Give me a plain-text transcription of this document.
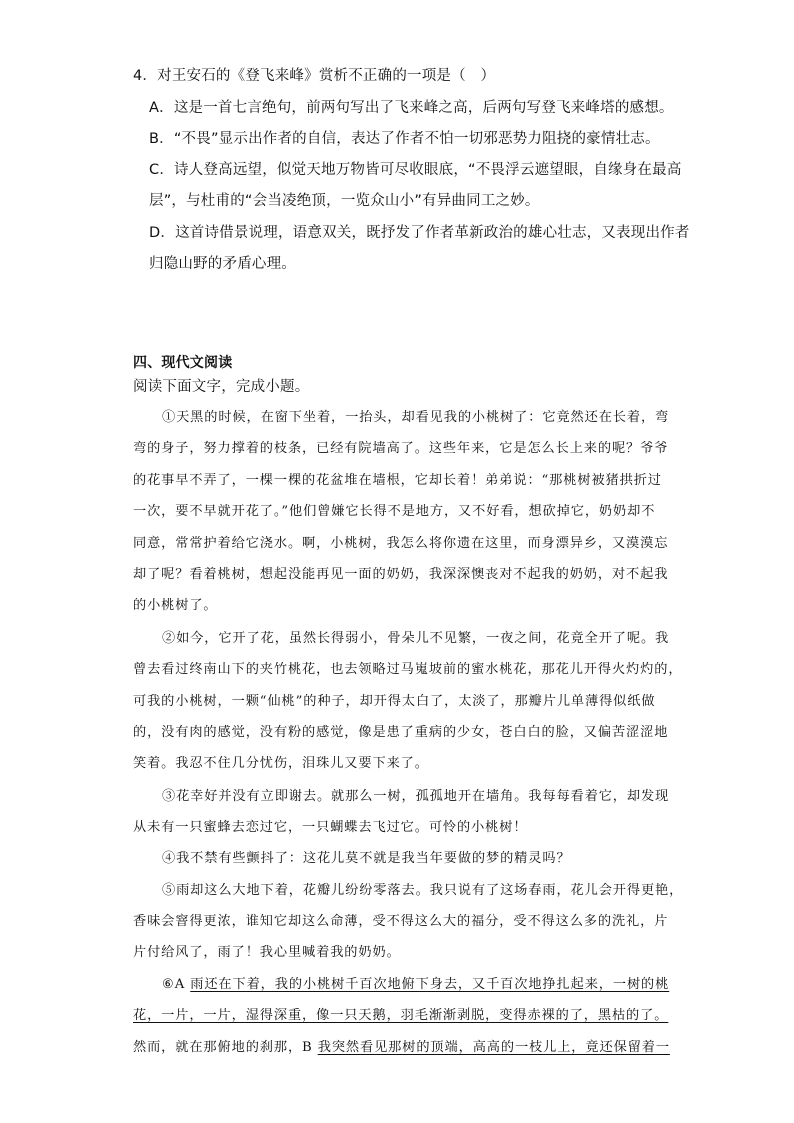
4．对王安石的《登飞来峰》赏析不正确的一项是（　）
A．这是一首七言绝句，前两句写出了飞来峰之高，后两句写登飞来峰塔的感想。
B．“不畏”显示出作者的自信，表达了作者不怕一切邪恶势力阻挠的豪情壮志。
C．诗人登高远望，似觉天地万物皆可尽收眼底，“不畏浮云遮望眼，自缘身在最高
层”，与杜甫的“会当凌绝顶，一览众山小”有异曲同工之妙。
D．这首诗借景说理，语意双关，既抒发了作者革新政治的雄心壮志，又表现出作者
归隐山野的矛盾心理。
四、现代文阅读
阅读下面文字，完成小题。
①天黑的时候，在窗下坐着，一抬头，却看见我的小桃树了：它竟然还在长着，弯
弯的身子，努力撑着的枝条，已经有院墙高了。这些年来，它是怎么长上来的呢？爷爷
的花事早不弄了，一棵一棵的花盆堆在墙根，它却长着！弟弟说：“那桃树被猪拱折过
一次，要不早就开花了。”他们曾嫌它长得不是地方，又不好看，想砍掉它，奶奶却不
同意，常常护着给它浇水。啊，小桃树，我怎么将你遗在这里，而身漂异乡，又漠漠忘
却了呢？看着桃树，想起没能再见一面的奶奶，我深深懊丧对不起我的奶奶，对不起我
的小桃树了。
②如今，它开了花，虽然长得弱小，骨朵儿不见繁，一夜之间，花竟全开了呢。我
曾去看过终南山下的夹竹桃花，也去领略过马嵬坡前的蜜水桃花，那花儿开得火灼灼的，
可我的小桃树，一颗“仙桃”的种子，却开得太白了，太淡了，那瓣片儿单薄得似纸做
的，没有肉的感觉，没有粉的感觉，像是患了重病的少女，苍白白的脸，又偏苦涩涩地
笑着。我忍不住几分忧伤，泪珠儿又要下来了。
③花幸好并没有立即谢去。就那么一树，孤孤地开在墙角。我每每看着它，却发现
从未有一只蜜蜂去恋过它，一只蝴蝶去飞过它。可怜的小桃树！
④我不禁有些颤抖了：这花儿莫不就是我当年要做的梦的精灵吗？
⑤雨却这么大地下着，花瓣儿纷纷零落去。我只说有了这场春雨，花儿会开得更艳，
香味会窨得更浓，谁知它却这么命薄，受不得这么大的福分，受不得这么多的洗礼，片
片付给风了，雨了！我心里喊着我的奶奶。
⑥A 雨还在下着，我的小桃树千百次地俯下身去，又千百次地挣扎起来，一树的桃
花，一片，一片，湿得深重，像一只天鹅，羽毛渐渐剥脱，变得赤裸的了，黑枯的了。
然而，就在那俯地的刹那，B 我突然看见那树的顶端，高高的一枝儿上，竟还保留着一
